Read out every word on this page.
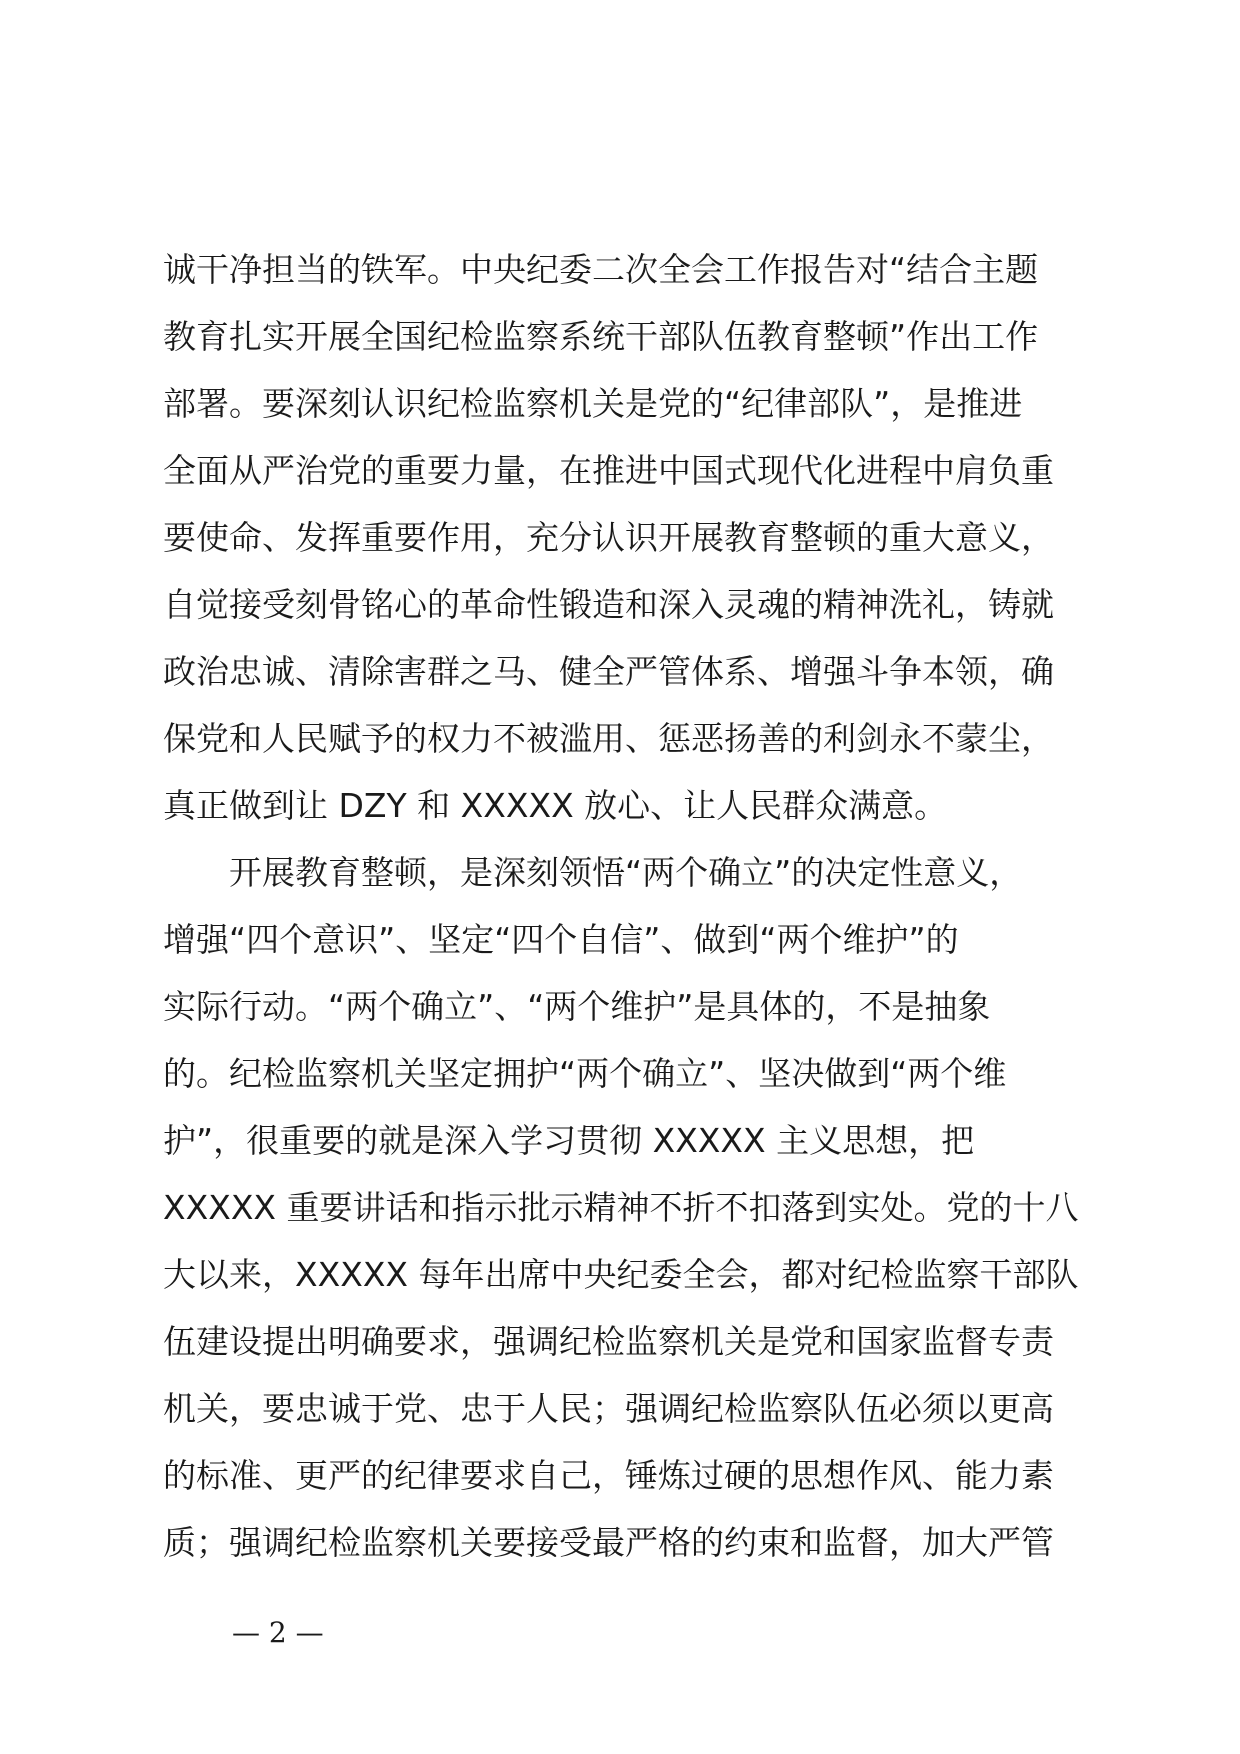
诚干净担当的铁军。中央纪委二次全会工作报告对“结合主题
教育扎实开展全国纪检监察系统干部队伍教育整顿”作出工作
部署。要深刻认识纪检监察机关是党的“纪律部队”，是推进
全面从严治党的重要力量，在推进中国式现代化进程中肩负重
要使命、发挥重要作用，充分认识开展教育整顿的重大意义，
自觉接受刻骨铭心的革命性锻造和深入灵魂的精神洗礼，铸就
政治忠诚、清除害群之马、健全严管体系、增强斗争本领，确
保党和人民赋予的权力不被滥用、惩恶扬善的利剑永不蒙尘，
真正做到让 DZY 和 XXXXX 放心、让人民群众满意。
开展教育整顿，是深刻领悟“两个确立”的决定性意义，
增强“四个意识”、坚定“四个自信”、做到“两个维护”的
实际行动。“两个确立”、“两个维护”是具体的，不是抽象
的。纪检监察机关坚定拥护“两个确立”、坚决做到“两个维
护”，很重要的就是深入学习贯彻 XXXXX 主义思想，把
XXXXX 重要讲话和指示批示精神不折不扣落到实处。党的十八
大以来，XXXXX 每年出席中央纪委全会，都对纪检监察干部队
伍建设提出明确要求，强调纪检监察机关是党和国家监督专责
机关，要忠诚于党、忠于人民；强调纪检监察队伍必须以更高
的标准、更严的纪律要求自己，锤炼过硬的思想作风、能力素
质；强调纪检监察机关要接受最严格的约束和监督，加大严管
— 2 —
